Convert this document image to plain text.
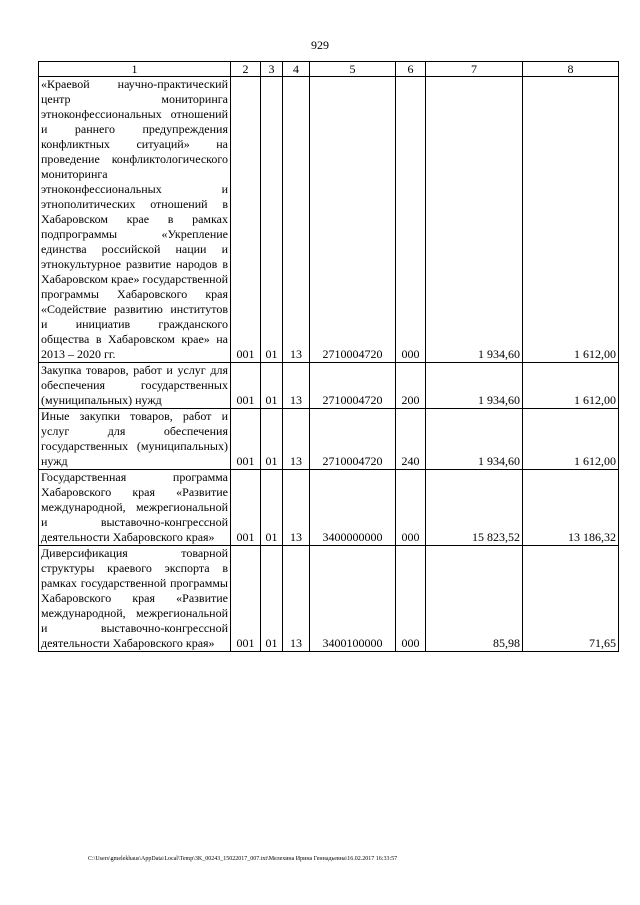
929
1	2	3	4	5	6	7	8
«Краевой научно-практический центр мониторинга этноконфессиональных отношений и раннего предупреждения конфликтных ситуаций» на проведение конфликтологического мониторинга этноконфессиональных и этнополитических отношений в Хабаровском крае в рамках подпрограммы «Укрепление единства российской нации и этнокультурное развитие народов в Хабаровском крае» государственной программы Хабаровского края «Содействие развитию институтов и инициатив гражданского общества в Хабаровском крае» на 2013 – 2020 гг.	001	01	13	2710004720	000	1 934,60	1 612,00
Закупка товаров, работ и услуг для обеспечения государственных (муниципальных) нужд	001	01	13	2710004720	200	1 934,60	1 612,00
Иные закупки товаров, работ и услуг для обеспечения государственных (муниципальных) нужд	001	01	13	2710004720	240	1 934,60	1 612,00
Государственная программа Хабаровского края «Развитие международной, межрегиональной и выставочно-конгрессной деятельности Хабаровского края»	001	01	13	3400000000	000	15 823,52	13 186,32
Диверсификация товарной структуры краевого экспорта в рамках государственной программы Хабаровского края «Развитие международной, межрегиональной и выставочно-конгрессной деятельности Хабаровского края»	001	01	13	3400100000	000	85,98	71,65
C:\Users\gmelekhaus\AppData\Local\Temp\3K_00243_15022017_007.txt\Мелехина Ирина Геннадьевна\16.02.2017 16:33:57
